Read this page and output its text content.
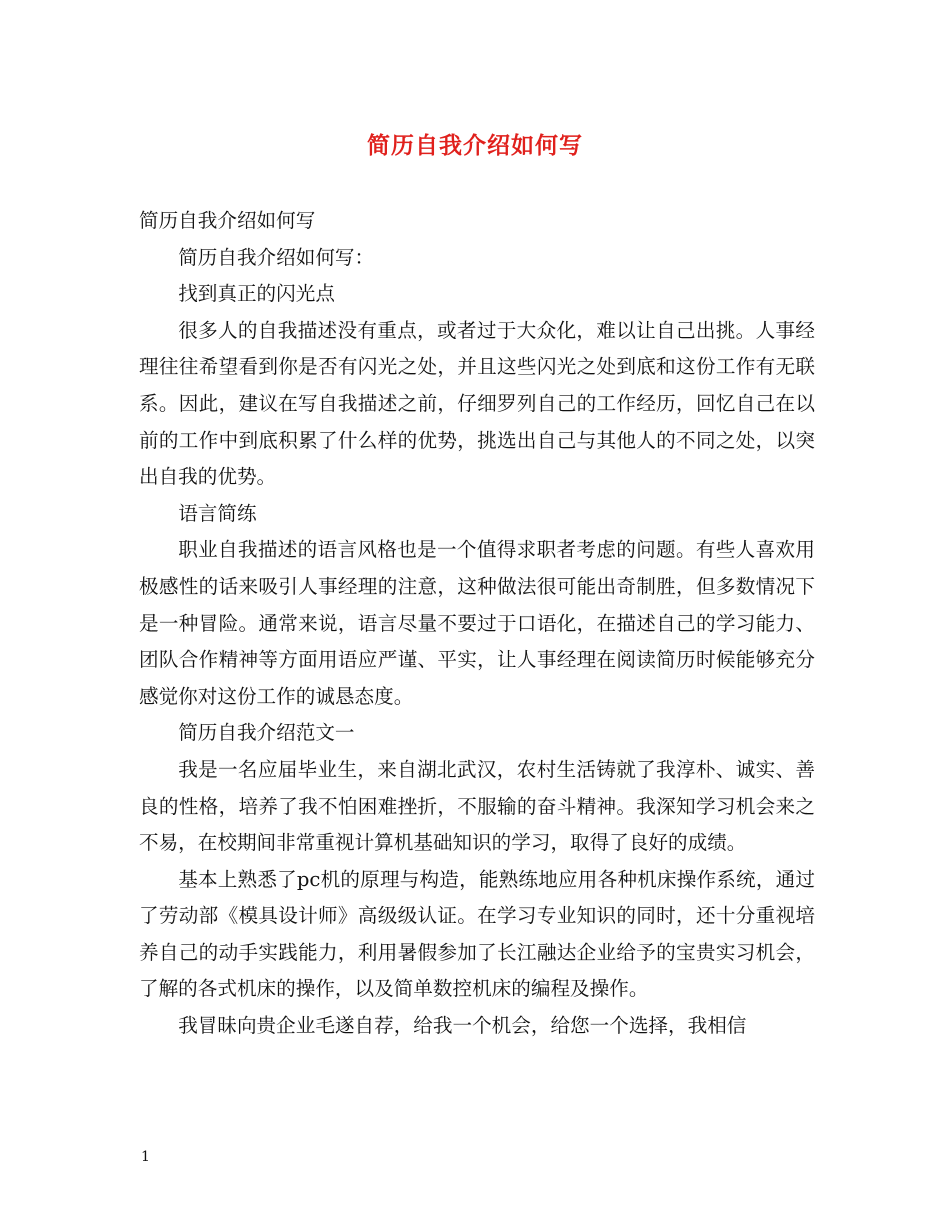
简历自我介绍如何写

简历自我介绍如何写

简历自我介绍如何写：

找到真正的闪光点

很多人的自我描述没有重点，或者过于大众化，难以让自己出挑。人事经理往往希望看到你是否有闪光之处，并且这些闪光之处到底和这份工作有无联系。因此，建议在写自我描述之前，仔细罗列自己的工作经历，回忆自己在以前的工作中到底积累了什么样的优势，挑选出自己与其他人的不同之处，以突出自我的优势。

语言简练

职业自我描述的语言风格也是一个值得求职者考虑的问题。有些人喜欢用极感性的话来吸引人事经理的注意，这种做法很可能出奇制胜，但多数情况下是一种冒险。通常来说，语言尽量不要过于口语化，在描述自己的学习能力、团队合作精神等方面用语应严谨、平实，让人事经理在阅读简历时候能够充分感觉你对这份工作的诚恳态度。

简历自我介绍范文一

我是一名应届毕业生，来自湖北武汉，农村生活铸就了我淳朴、诚实、善良的性格，培养了我不怕困难挫折，不服输的奋斗精神。我深知学习机会来之不易，在校期间非常重视计算机基础知识的学习，取得了良好的成绩。

基本上熟悉了pc机的原理与构造，能熟练地应用各种机床操作系统，通过了劳动部《模具设计师》高级级认证。在学习专业知识的同时，还十分重视培养自己的动手实践能力，利用暑假参加了长江融达企业给予的宝贵实习机会，了解的各式机床的操作，以及简单数控机床的编程及操作。

我冒昧向贵企业毛遂自荐，给我一个机会，给您一个选择，我相信

1
